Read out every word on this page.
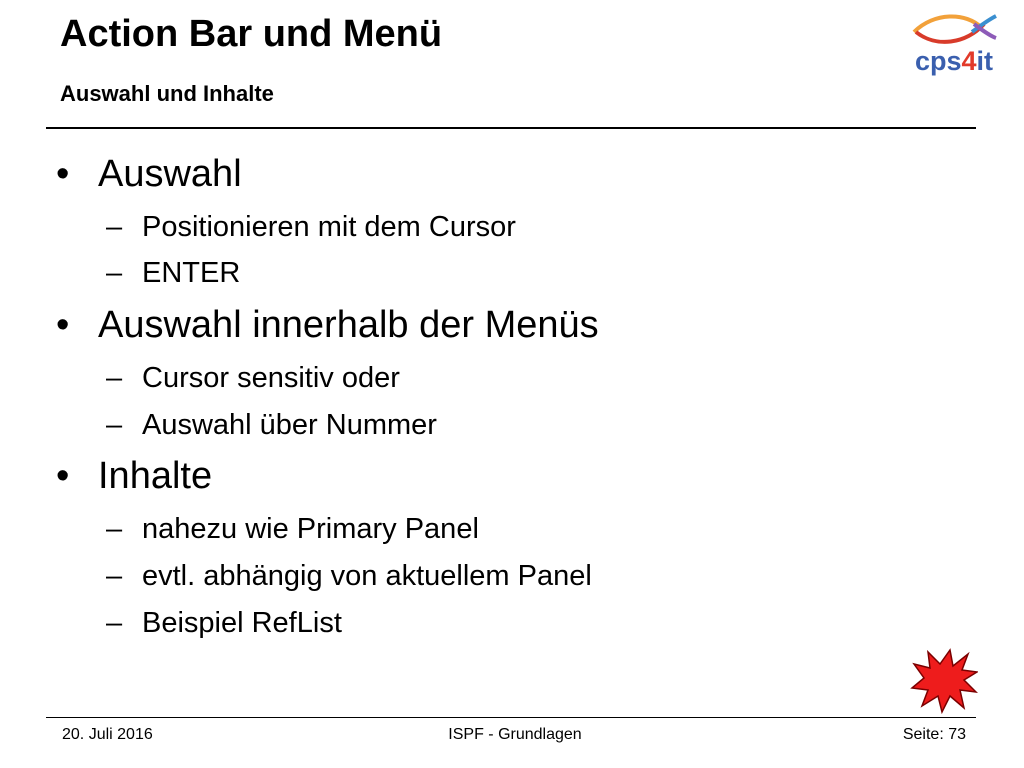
Action Bar und Menü
Auswahl und Inhalte
cps4it
• Auswahl
– Positionieren mit dem Cursor
– ENTER
• Auswahl innerhalb der Menüs
– Cursor sensitiv oder
– Auswahl über Nummer
• Inhalte
– nahezu wie Primary Panel
– evtl. abhängig von aktuellem Panel
– Beispiel RefList
20. Juli 2016	ISPF - Grundlagen	Seite: 73
